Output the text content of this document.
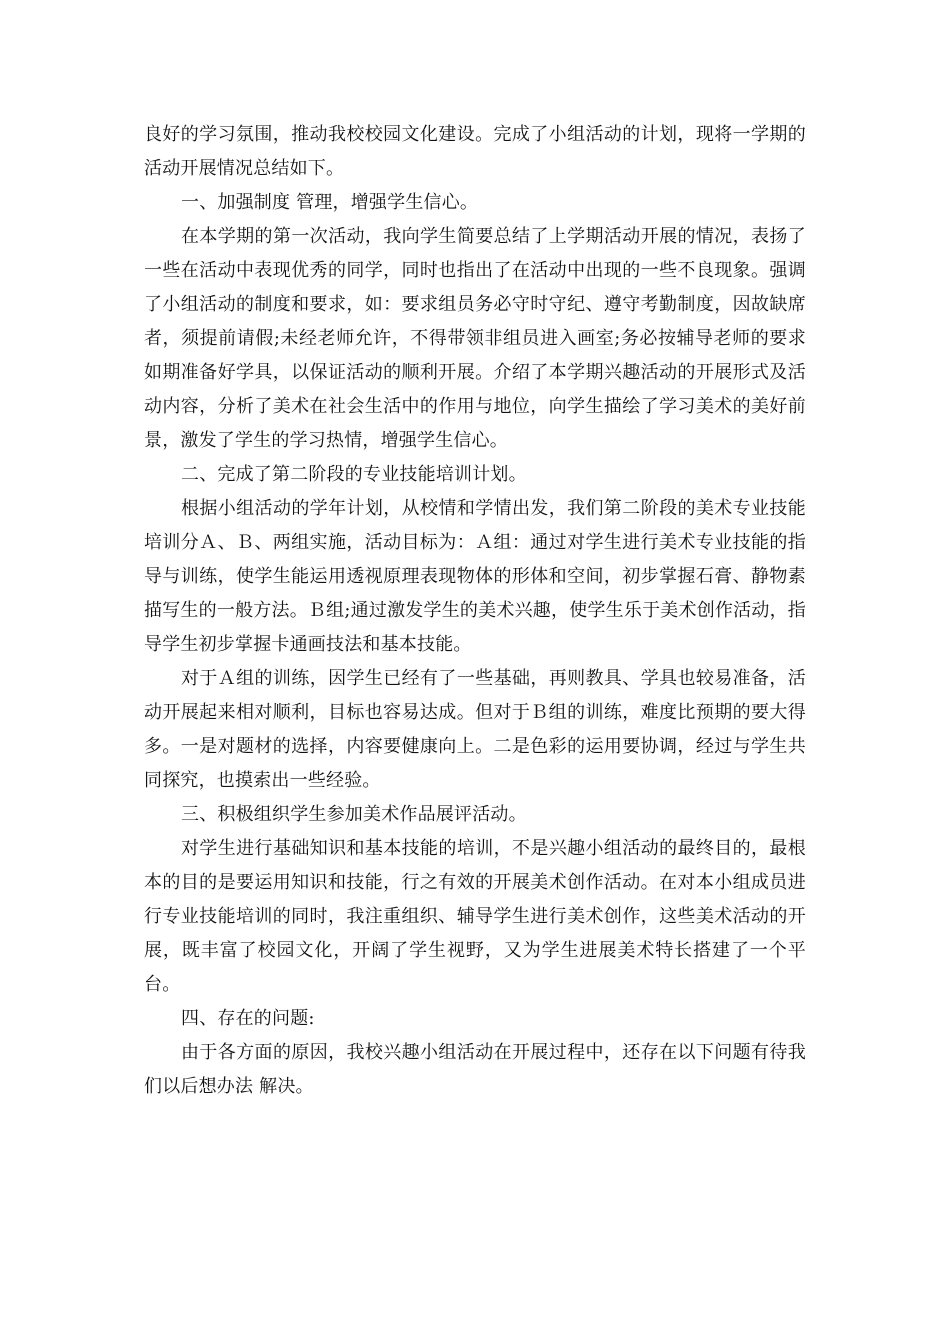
良好的学习氛围，推动我校校园文化建设。完成了小组活动的计划，现将一学期的活动开展情况总结如下。

一、加强制度 管理，增强学生信心。

在本学期的第一次活动，我向学生简要总结了上学期活动开展的情况，表扬了一些在活动中表现优秀的同学，同时也指出了在活动中出现的一些不良现象。强调了小组活动的制度和要求，如：要求组员务必守时守纪、遵守考勤制度，因故缺席者，须提前请假;未经老师允许，不得带领非组员进入画室;务必按辅导老师的要求如期准备好学具，以保证活动的顺利开展。介绍了本学期兴趣活动的开展形式及活动内容，分析了美术在社会生活中的作用与地位，向学生描绘了学习美术的美好前景，激发了学生的学习热情，增强学生信心。

二、完成了第二阶段的专业技能培训计划。

根据小组活动的学年计划，从校情和学情出发，我们第二阶段的美术专业技能培训分Ａ、Ｂ、两组实施，活动目标为：Ａ组：通过对学生进行美术专业技能的指导与训练，使学生能运用透视原理表现物体的形体和空间，初步掌握石膏、静物素描写生的一般方法。Ｂ组;通过激发学生的美术兴趣，使学生乐于美术创作活动，指导学生初步掌握卡通画技法和基本技能。

对于Ａ组的训练，因学生已经有了一些基础，再则教具、学具也较易准备，活动开展起来相对顺利，目标也容易达成。但对于Ｂ组的训练，难度比预期的要大得多。一是对题材的选择，内容要健康向上。二是色彩的运用要协调，经过与学生共同探究，也摸索出一些经验。

三、积极组织学生参加美术作品展评活动。

对学生进行基础知识和基本技能的培训，不是兴趣小组活动的最终目的，最根本的目的是要运用知识和技能，行之有效的开展美术创作活动。在对本小组成员进行专业技能培训的同时，我注重组织、辅导学生进行美术创作，这些美术活动的开展，既丰富了校园文化，开阔了学生视野，又为学生进展美术特长搭建了一个平台。

四、存在的问题:

由于各方面的原因，我校兴趣小组活动在开展过程中，还存在以下问题有待我们以后想办法 解决。
